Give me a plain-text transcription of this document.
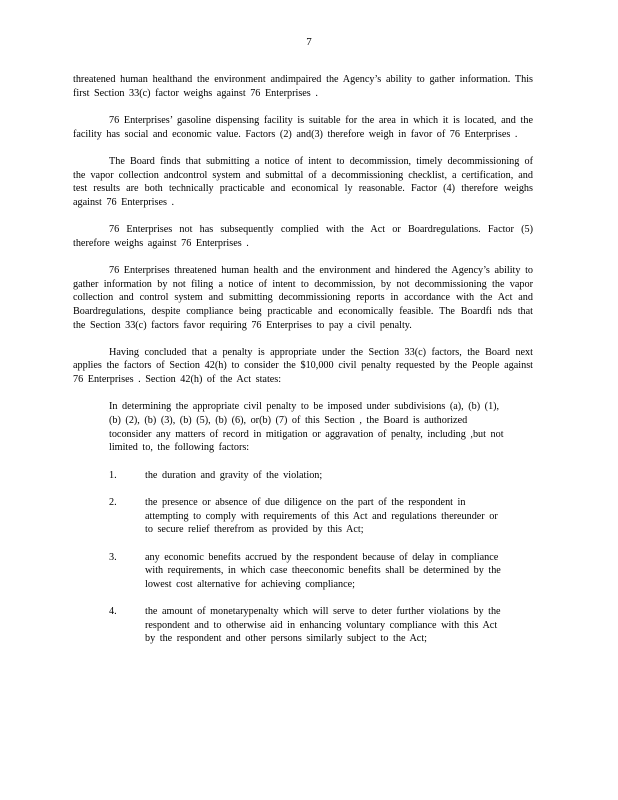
7

threatened human healthand the environment andimpaired the Agency’s ability to gather information. This first Section 33(c) factor weighs against 76 Enterprises .

76 Enterprises’ gasoline dispensing facility is suitable for the area in which it is located, and the facility has social and economic value. Factors (2) and(3) therefore weigh in favor of 76 Enterprises .

The Board finds that submitting a notice of intent to decommission, timely decommissioning of the vapor collection andcontrol system and submittal of a decommissioning checklist, a certification, and test results are both technically practicable and economical ly reasonable. Factor (4) therefore weighs against 76 Enterprises .

76 Enterprises not has subsequently complied with the Act or Boardregulations. Factor (5) therefore weighs against 76 Enterprises .

76 Enterprises threatened human health and the environment and hindered the Agency’s ability to gather information by not filing a notice of intent to decommission, by not decommissioning the vapor collection and control system and submitting decommissioning reports in accordance with the Act and Boardregulations, despite compliance being practicable and economically feasible. The Boardfi nds that the Section 33(c) factors favor requiring 76 Enterprises to pay a civil penalty.

Having concluded that a penalty is appropriate under the Section 33(c) factors, the Board next applies the factors of Section 42(h) to consider the $10,000 civil penalty requested by the People against 76 Enterprises . Section 42(h) of the Act states:

In determining the appropriate civil penalty to be imposed under subdivisions (a), (b) (1), (b) (2), (b) (3), (b) (5), (b) (6), or(b) (7) of this Section , the Board is authorized toconsider any matters of record in mitigation or aggravation of penalty, including ,but not limited to, the following factors:

1.	the duration and gravity of the violation;
2.	the presence or absence of due diligence on the part of the respondent in attempting to comply with requirements of this Act and regulations thereunder or to secure relief therefrom as provided by this Act;
3.	any economic benefits accrued by the respondent because of delay in compliance with requirements, in which case theeconomic benefits shall be determined by the lowest cost alternative for achieving compliance;
4.	the amount of monetarypenalty which will serve to deter further violations by the respondent and to otherwise aid in enhancing voluntary compliance with this Act by the respondent and other persons similarly subject to the Act;
